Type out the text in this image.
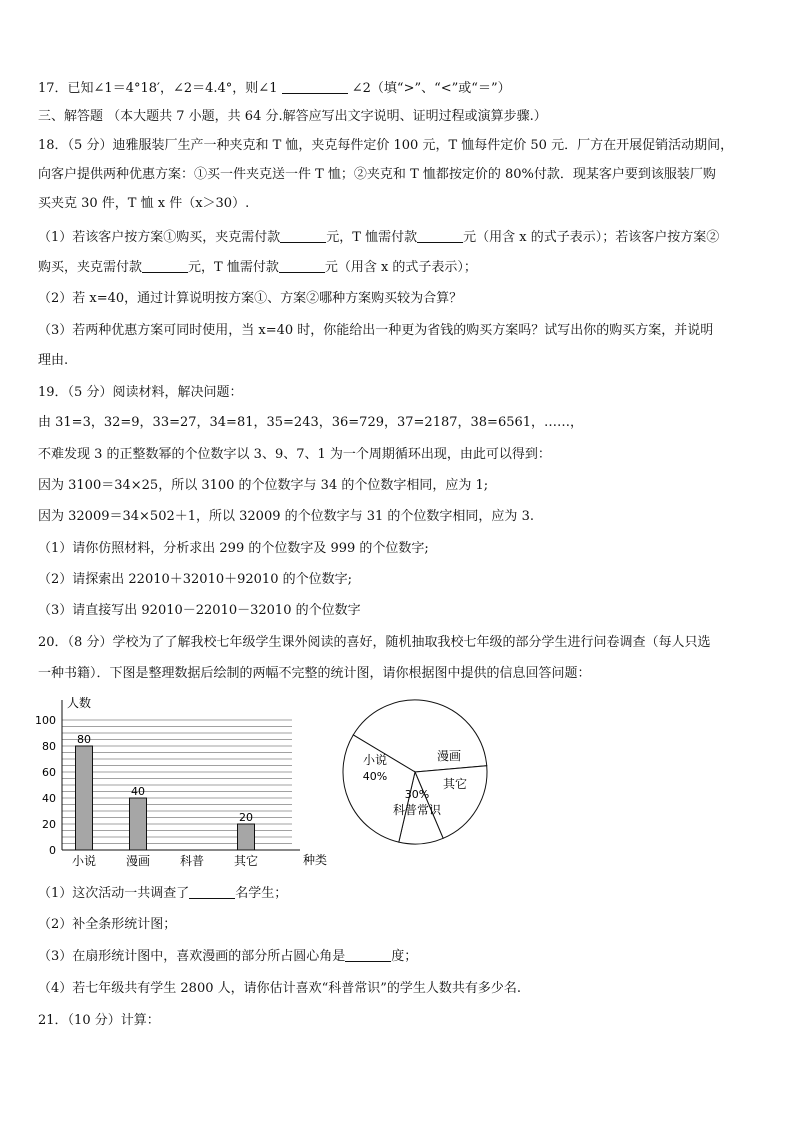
17．已知∠1＝4°18′，∠2＝4.4°，则∠1	∠2（填“>”、“<”或“＝”）
三、解答题 （本大题共 7 小题，共 64 分.解答应写出文字说明、证明过程或演算步骤.）
18．（5 分）迪雅服装厂生产一种夹克和 T 恤，夹克每件定价 100 元，T 恤每件定价 50 元．厂方在开展促销活动期间，
向客户提供两种优惠方案：①买一件夹克送一件 T 恤；②夹克和 T 恤都按定价的 80%付款．现某客户要到该服装厂购
买夹克 30 件，T 恤 x 件（x＞30）.
（1）若该客户按方案①购买，夹克需付款	元，T 恤需付款	元（用含 x 的式子表示）；若该客户按方案②
购买，夹克需付款	元，T 恤需付款	元（用含 x 的式子表示）；
（2）若 x=40，通过计算说明按方案①、方案②哪种方案购买较为合算？
（3）若两种优惠方案可同时使用，当 x=40 时，你能给出一种更为省钱的购买方案吗？试写出你的购买方案，并说明
理由.
19．（5 分）阅读材料，解决问题：
由 31=3，32=9，33=27，34=81，35=243，36=729，37=2187，38=6561，……，
不难发现 3 的正整数幂的个位数字以 3、9、7、1 为一个周期循环出现，由此可以得到：
因为 3100＝34×25，所以 3100 的个位数字与 34 的个位数字相同，应为 1;
因为 32009＝34×502＋1，所以 32009 的个位数字与 31 的个位数字相同，应为 3.
（1）请你仿照材料，分析求出 299 的个位数字及 999 的个位数字;
（2）请探索出 22010＋32010＋92010 的个位数字;
（3）请直接写出 92010－22010－32010 的个位数字
20．（8 分）学校为了了解我校七年级学生课外阅读的喜好，随机抽取我校七年级的部分学生进行问卷调查（每人只选
一种书籍）．下图是整理数据后绘制的两幅不完整的统计图，请你根据图中提供的信息回答问题：
0
20
40
60
80
100
80
小说
40
漫画 科普
20
其它
人数
种类
小说
40%
漫画
其它
科普常识
30%
（1）这次活动一共调查了	名学生；
（2）补全条形统计图；
（3）在扇形统计图中，喜欢漫画的部分所占圆心角是	度；
（4）若七年级共有学生 2800 人，请你估计喜欢“科普常识”的学生人数共有多少名.
21．（10 分）计算：
